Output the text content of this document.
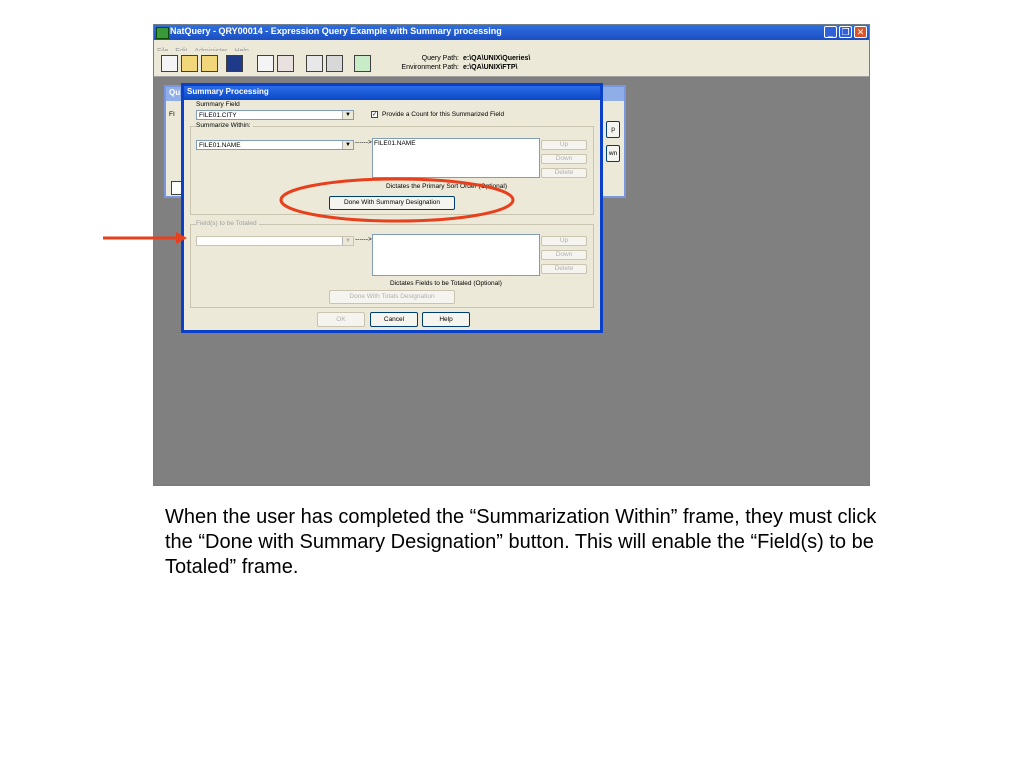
NatQuery - QRY00014 - Expression Query Example with Summary processing	_ ❐ ✕
Query Path: e:\QA\UNIX\Queries\
Environment Path: e:\QA\UNIX\FTP\
Qu
FI
p
wn
Summary Processing
Summary Field
FILE01.CITY	▼	✓ Provide a Count for this Summarized Field
Summarize Within:
FILE01.NAME	▼ ------> FILE01.NAME	Up
Down
Delete
Dictates the Primary Sort Order (Optional)
Done With Summary Designation
Field(s) to be Totaled
▼ ------>	Up
Down
Delete
Dictates Fields to be Totaled (Optional)
Done With Totals Designation
OK	Cancel	Help
When the user has completed the “Summarization Within” frame, they must click the “Done with Summary Designation” button. This will enable the “Field(s) to be Totaled” frame.
